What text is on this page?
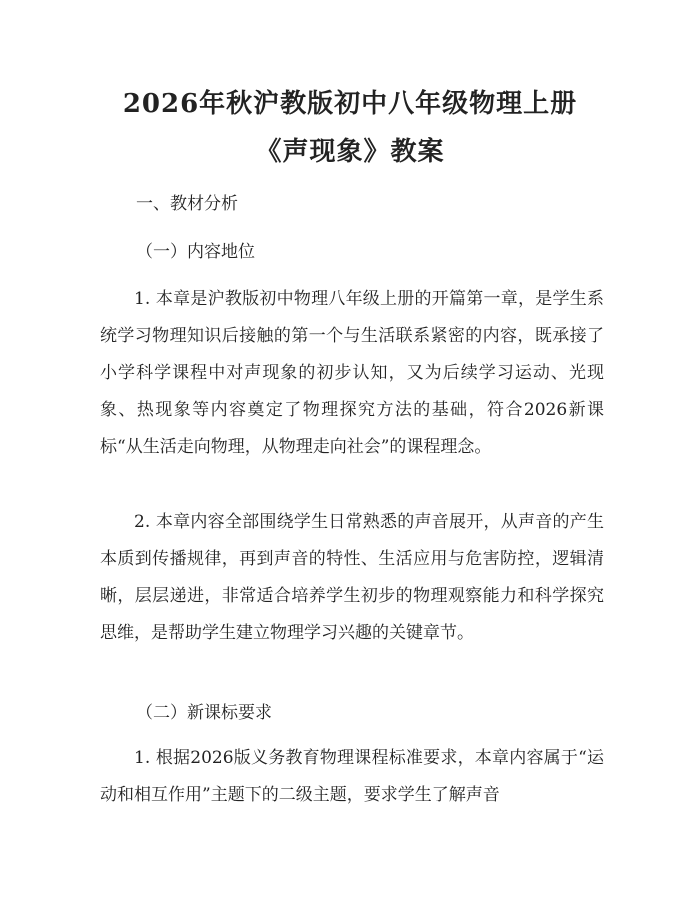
2026年秋沪教版初中八年级物理上册《声现象》教案

一、教材分析

（一）内容地位

1. 本章是沪教版初中物理八年级上册的开篇第一章，是学生系统学习物理知识后接触的第一个与生活联系紧密的内容，既承接了小学科学课程中对声现象的初步认知，又为后续学习运动、光现象、热现象等内容奠定了物理探究方法的基础，符合2026新课标“从生活走向物理，从物理走向社会”的课程理念。

2. 本章内容全部围绕学生日常熟悉的声音展开，从声音的产生本质到传播规律，再到声音的特性、生活应用与危害防控，逻辑清晰，层层递进，非常适合培养学生初步的物理观察能力和科学探究思维，是帮助学生建立物理学习兴趣的关键章节。

（二）新课标要求

1. 根据2026版义务教育物理课程标准要求，本章内容属于“运动和相互作用”主题下的二级主题，要求学生了解声音
